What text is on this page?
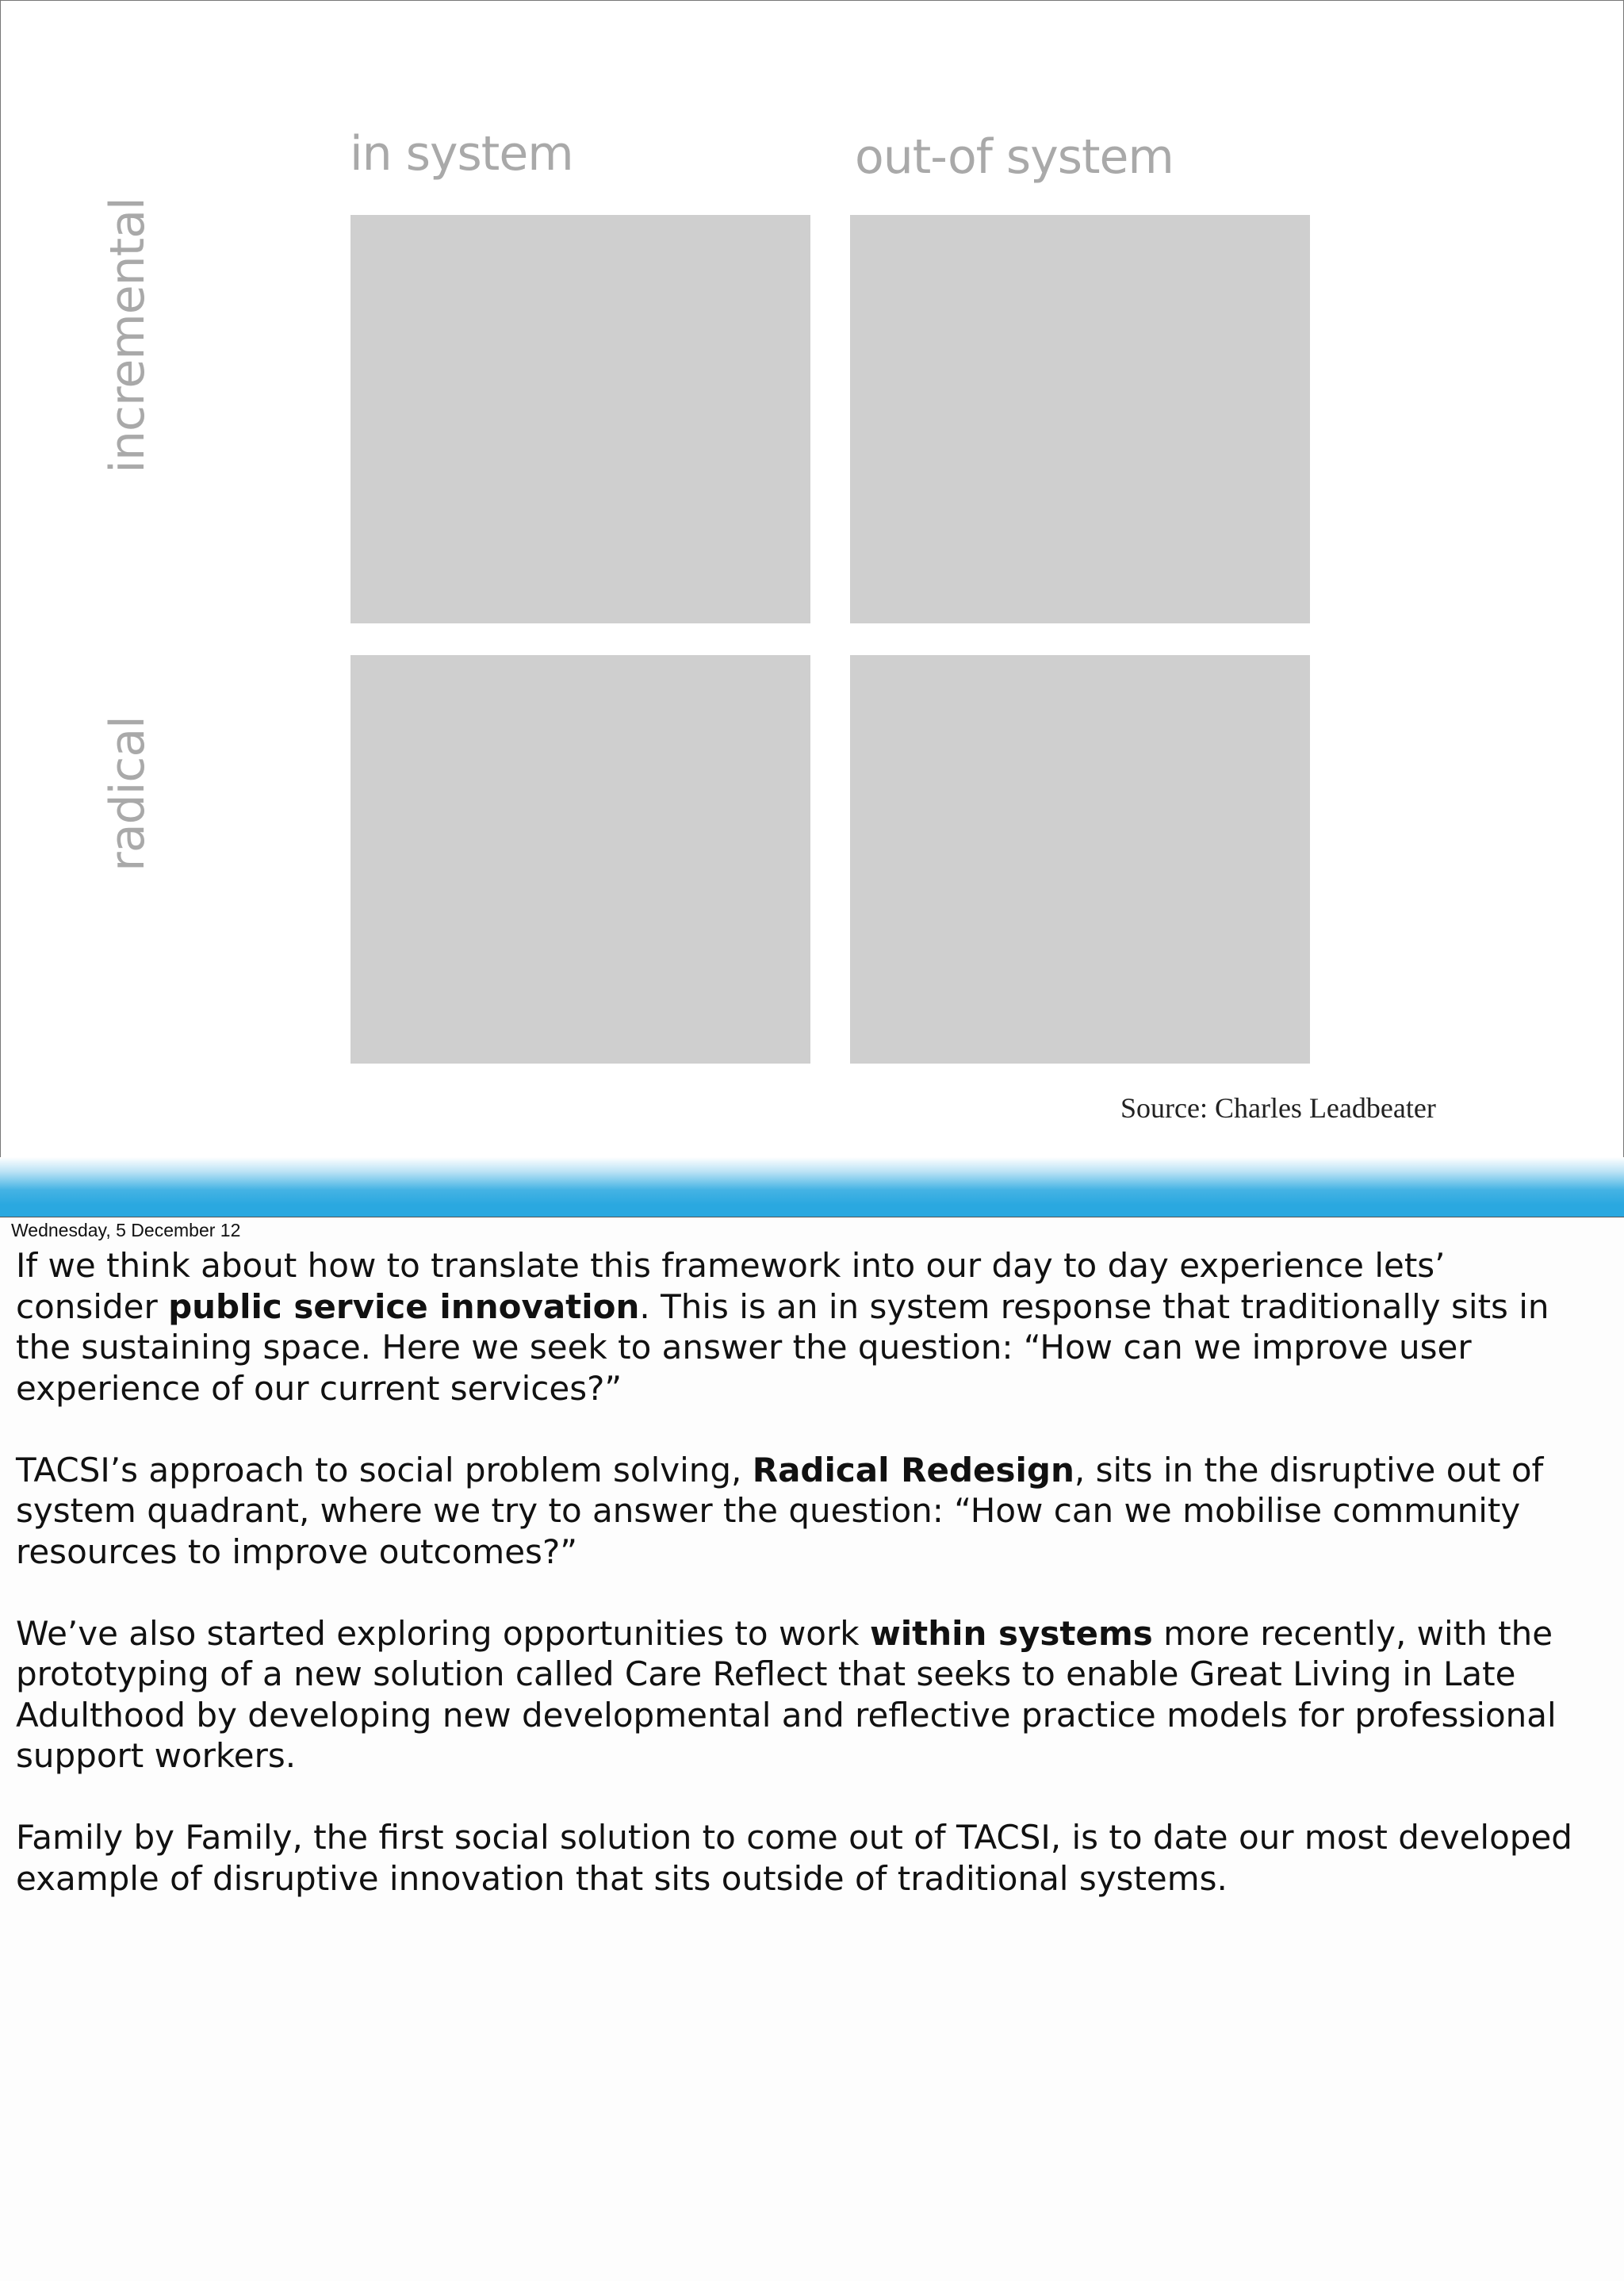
in system	out-of system
incremental
radical
Source: Charles Leadbeater
Wednesday, 5 December 12

If we think about how to translate this framework into our day to day experience lets’
consider public service innovation. This is an in system response that traditionally sits in
the sustaining space. Here we seek to answer the question: “How can we improve user
experience of our current services?”

TACSI’s approach to social problem solving, Radical Redesign, sits in the disruptive out of
system quadrant, where we try to answer the question: “How can we mobilise community
resources to improve outcomes?”

We’ve also started exploring opportunities to work within systems more recently, with the
prototyping of a new solution called Care Reflect that seeks to enable Great Living in Late
Adulthood by developing new developmental and reflective practice models for professional
support workers.

Family by Family, the first social solution to come out of TACSI, is to date our most developed
example of disruptive innovation that sits outside of traditional systems.
